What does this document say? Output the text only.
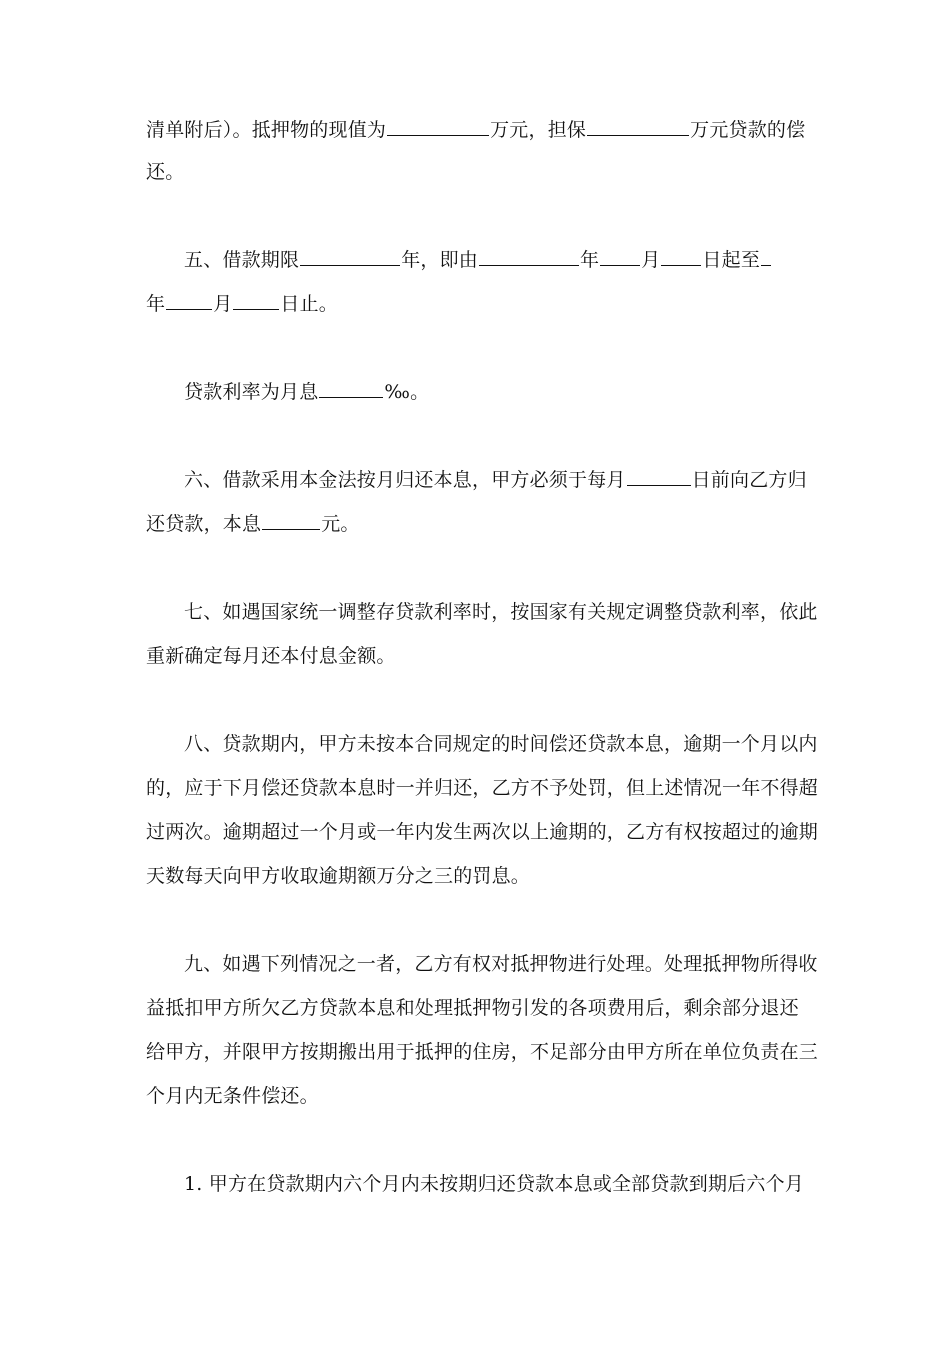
清单附后）。抵押物的现值为	万元，担保	万元贷款的偿
还。
五、借款期限	年，即由	年 月 日起至
年	月	日止。
贷款利率为月息	‰。
六、借款采用本金法按月归还本息，甲方必须于每月	日前向乙方归
还贷款，本息	元。
七、如遇国家统一调整存贷款利率时，按国家有关规定调整贷款利率，依此
重新确定每月还本付息金额。
八、贷款期内，甲方未按本合同规定的时间偿还贷款本息，逾期一个月以内
的，应于下月偿还贷款本息时一并归还，乙方不予处罚，但上述情况一年不得超
过两次。逾期超过一个月或一年内发生两次以上逾期的，乙方有权按超过的逾期
天数每天向甲方收取逾期额万分之三的罚息。
九、如遇下列情况之一者，乙方有权对抵押物进行处理。处理抵押物所得收
益抵扣甲方所欠乙方贷款本息和处理抵押物引发的各项费用后，剩余部分退还
给甲方，并限甲方按期搬出用于抵押的住房，不足部分由甲方所在单位负责在三
个月内无条件偿还。
1. 甲方在贷款期内六个月内未按期归还贷款本息或全部贷款到期后六个月
